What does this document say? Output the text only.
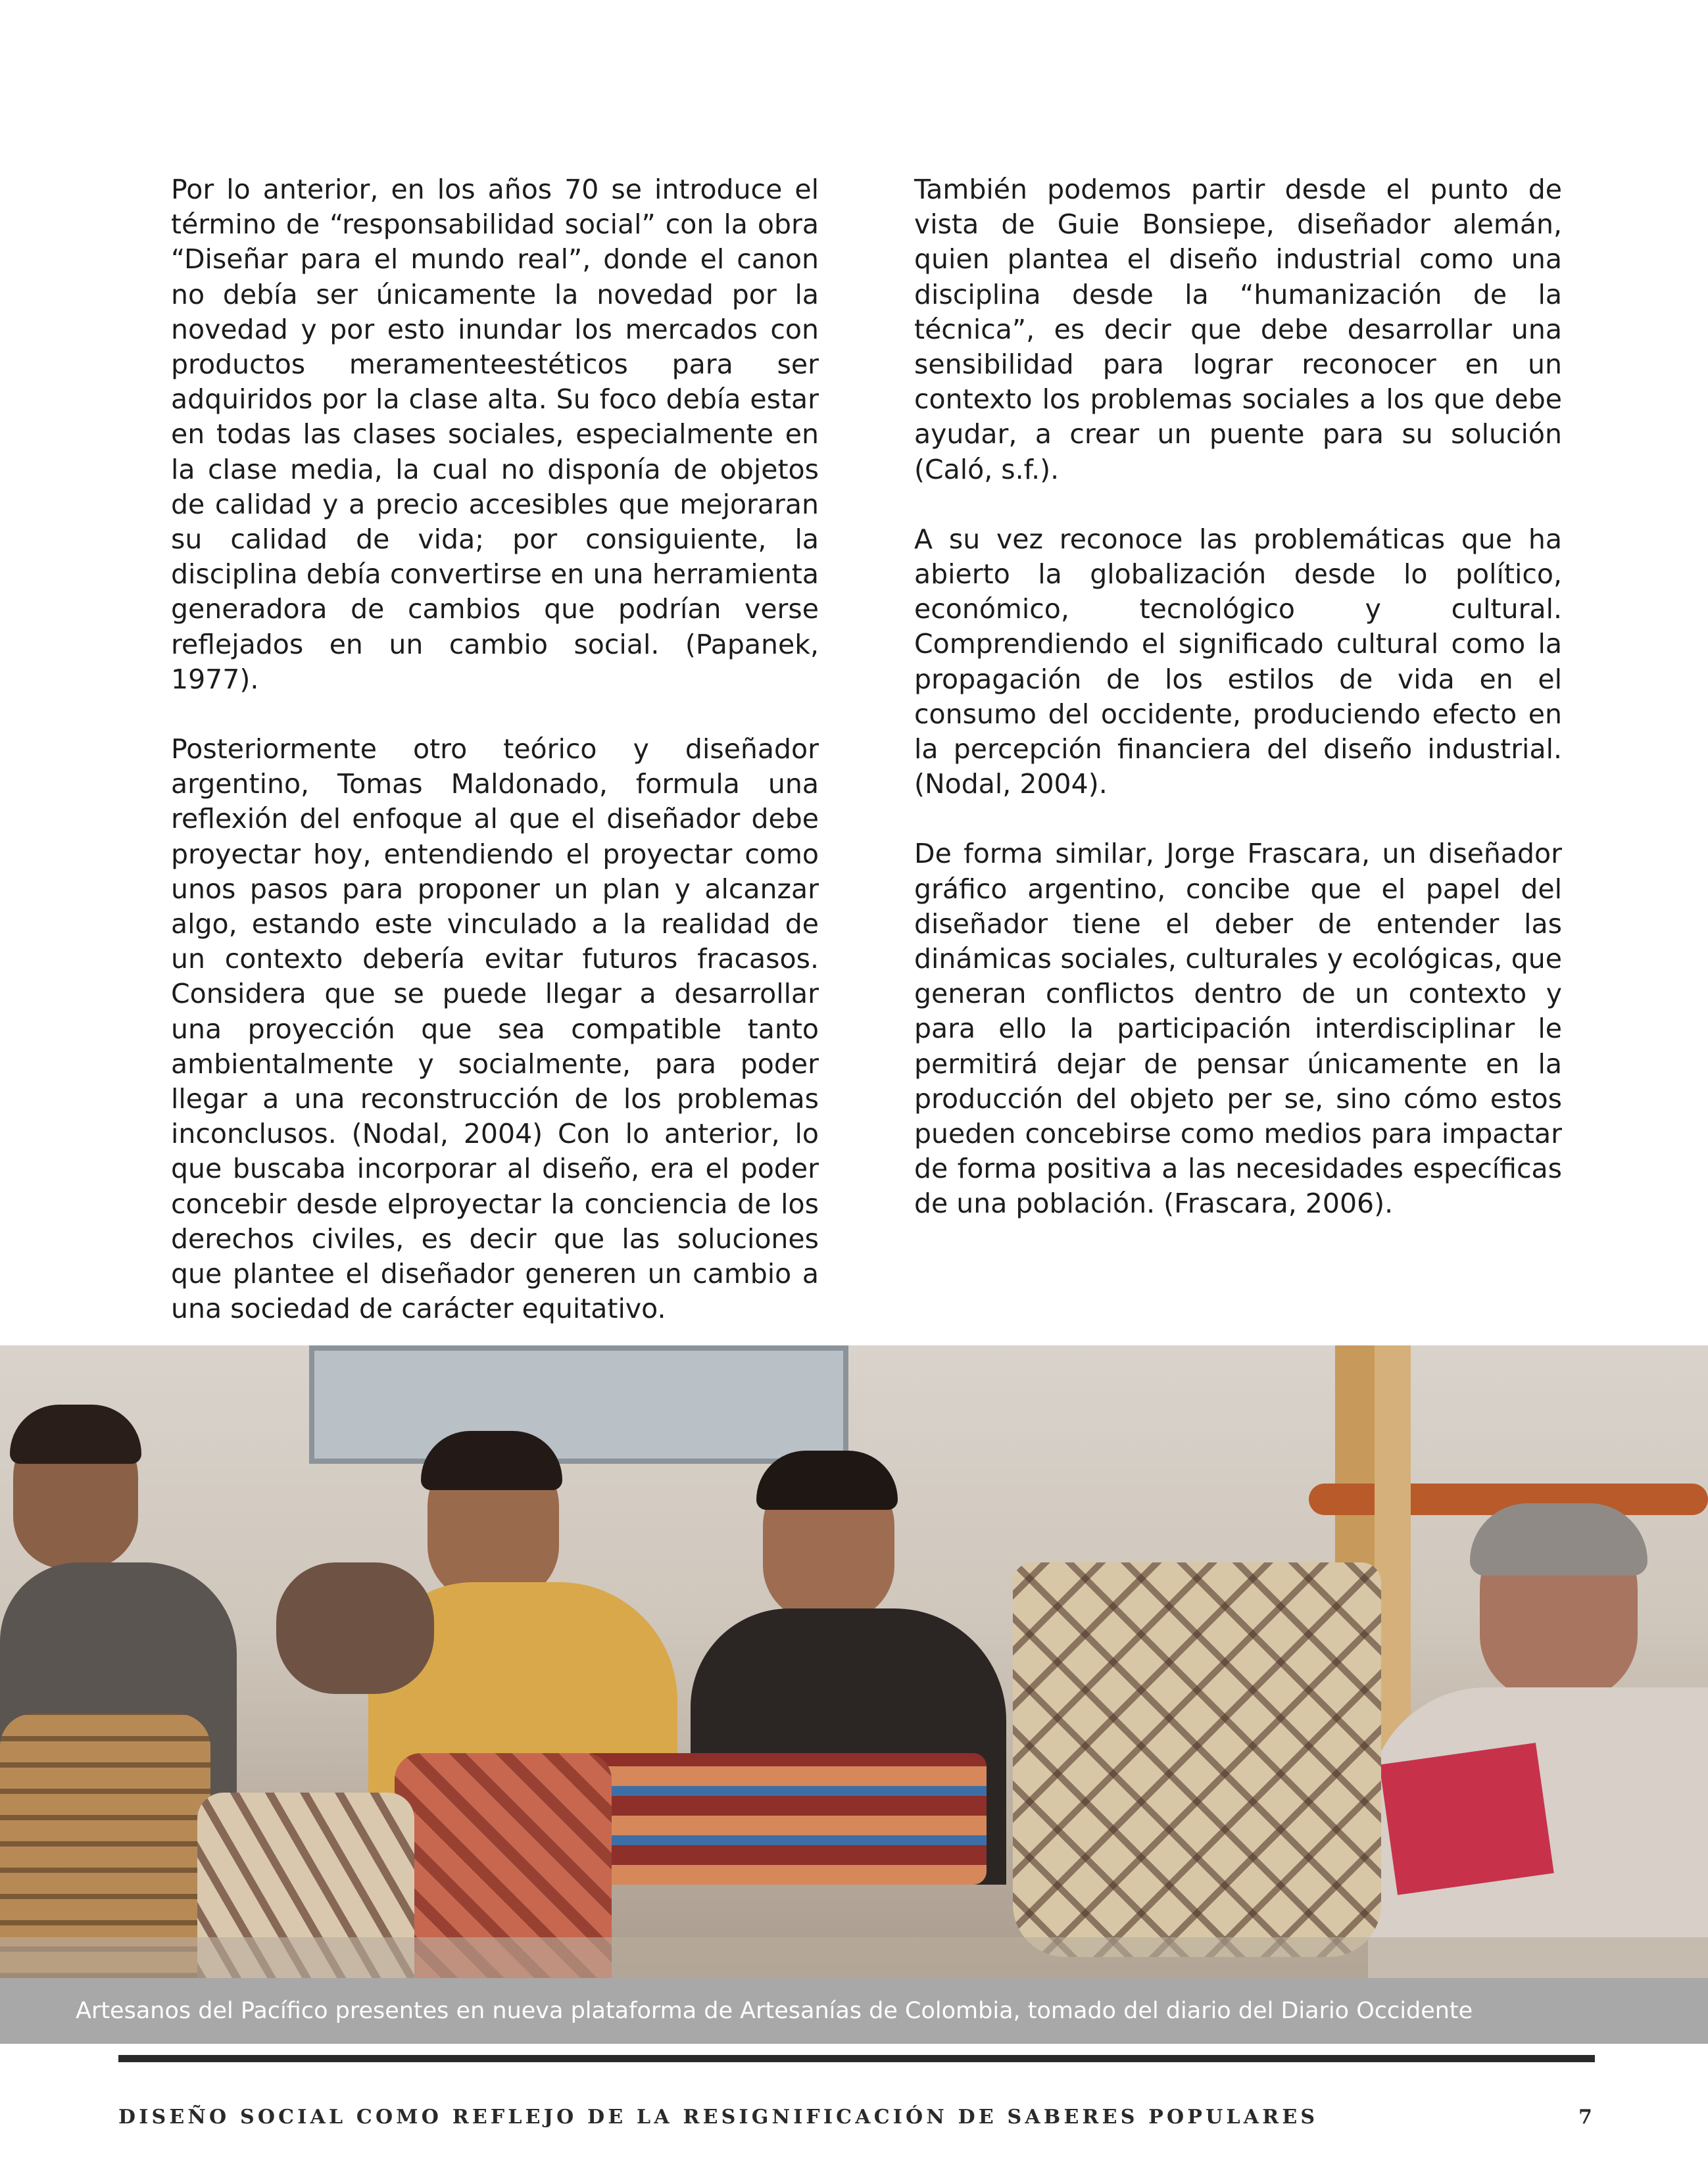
Por lo anterior, en los años 70 se introduce el término de “responsabilidad social” con la obra “Diseñar para el mundo real”, donde el canon no debía ser únicamente la novedad por la novedad y por esto inundar los mercados con productos meramenteestéticos para ser adquiridos por la clase alta. Su foco debía estar en todas las clases sociales, especialmente en la clase media, la cual no disponía de objetos de calidad y a precio accesibles que mejoraran su calidad de vida; por consiguiente, la disciplina debía convertirse en una herramienta generadora de cambios que podrían verse reflejados en un cambio social. (Papanek, 1977).

Posteriormente otro teórico y diseñador argentino, Tomas Maldonado, formula una reflexión del enfoque al que el diseñador debe proyectar hoy, entendiendo el proyectar como unos pasos para proponer un plan y alcanzar algo, estando este vinculado a la realidad de un contexto debería evitar futuros fracasos. Considera que se puede llegar a desarrollar una proyección que sea compatible tanto ambientalmente y socialmente, para poder llegar a una reconstrucción de los problemas inconclusos. (Nodal, 2004) Con lo anterior, lo que buscaba incorporar al diseño, era el poder concebir desde elproyectar la conciencia de los derechos civiles, es decir que las soluciones que plantee el diseñador generen un cambio a una sociedad de carácter equitativo.

También podemos partir desde el punto de vista de Guie Bonsiepe, diseñador alemán, quien plantea el diseño industrial como una disciplina desde la “humanización de la técnica”, es decir que debe desarrollar una sensibilidad para lograr reconocer en un contexto los problemas sociales a los que debe ayudar, a crear un puente para su solución (Caló, s.f.).

A su vez reconoce las problemáticas que ha abierto la globalización desde lo político, económico, tecnológico y cultural. Comprendiendo el significado cultural como la propagación de los estilos de vida en el consumo del occidente, produciendo efecto en la percepción financiera del diseño industrial. (Nodal, 2004).

De forma similar, Jorge Frascara, un diseñador gráfico argentino, concibe que el papel del diseñador tiene el deber de entender las dinámicas sociales, culturales y ecológicas, que generan conflictos dentro de un contexto y para ello la participación interdisciplinar le permitirá dejar de pensar únicamente en la producción del objeto per se, sino cómo estos pueden concebirse como medios para impactar de forma positiva a las necesidades específicas de una población. (Frascara, 2006).

Artesanos del Pacífico presentes en nueva plataforma de Artesanías de Colombia, tomado del diario del Diario Occidente
DISEÑO SOCIAL COMO REFLEJO DE LA RESIGNIFICACIÓN DE SABERES POPULARES	7
